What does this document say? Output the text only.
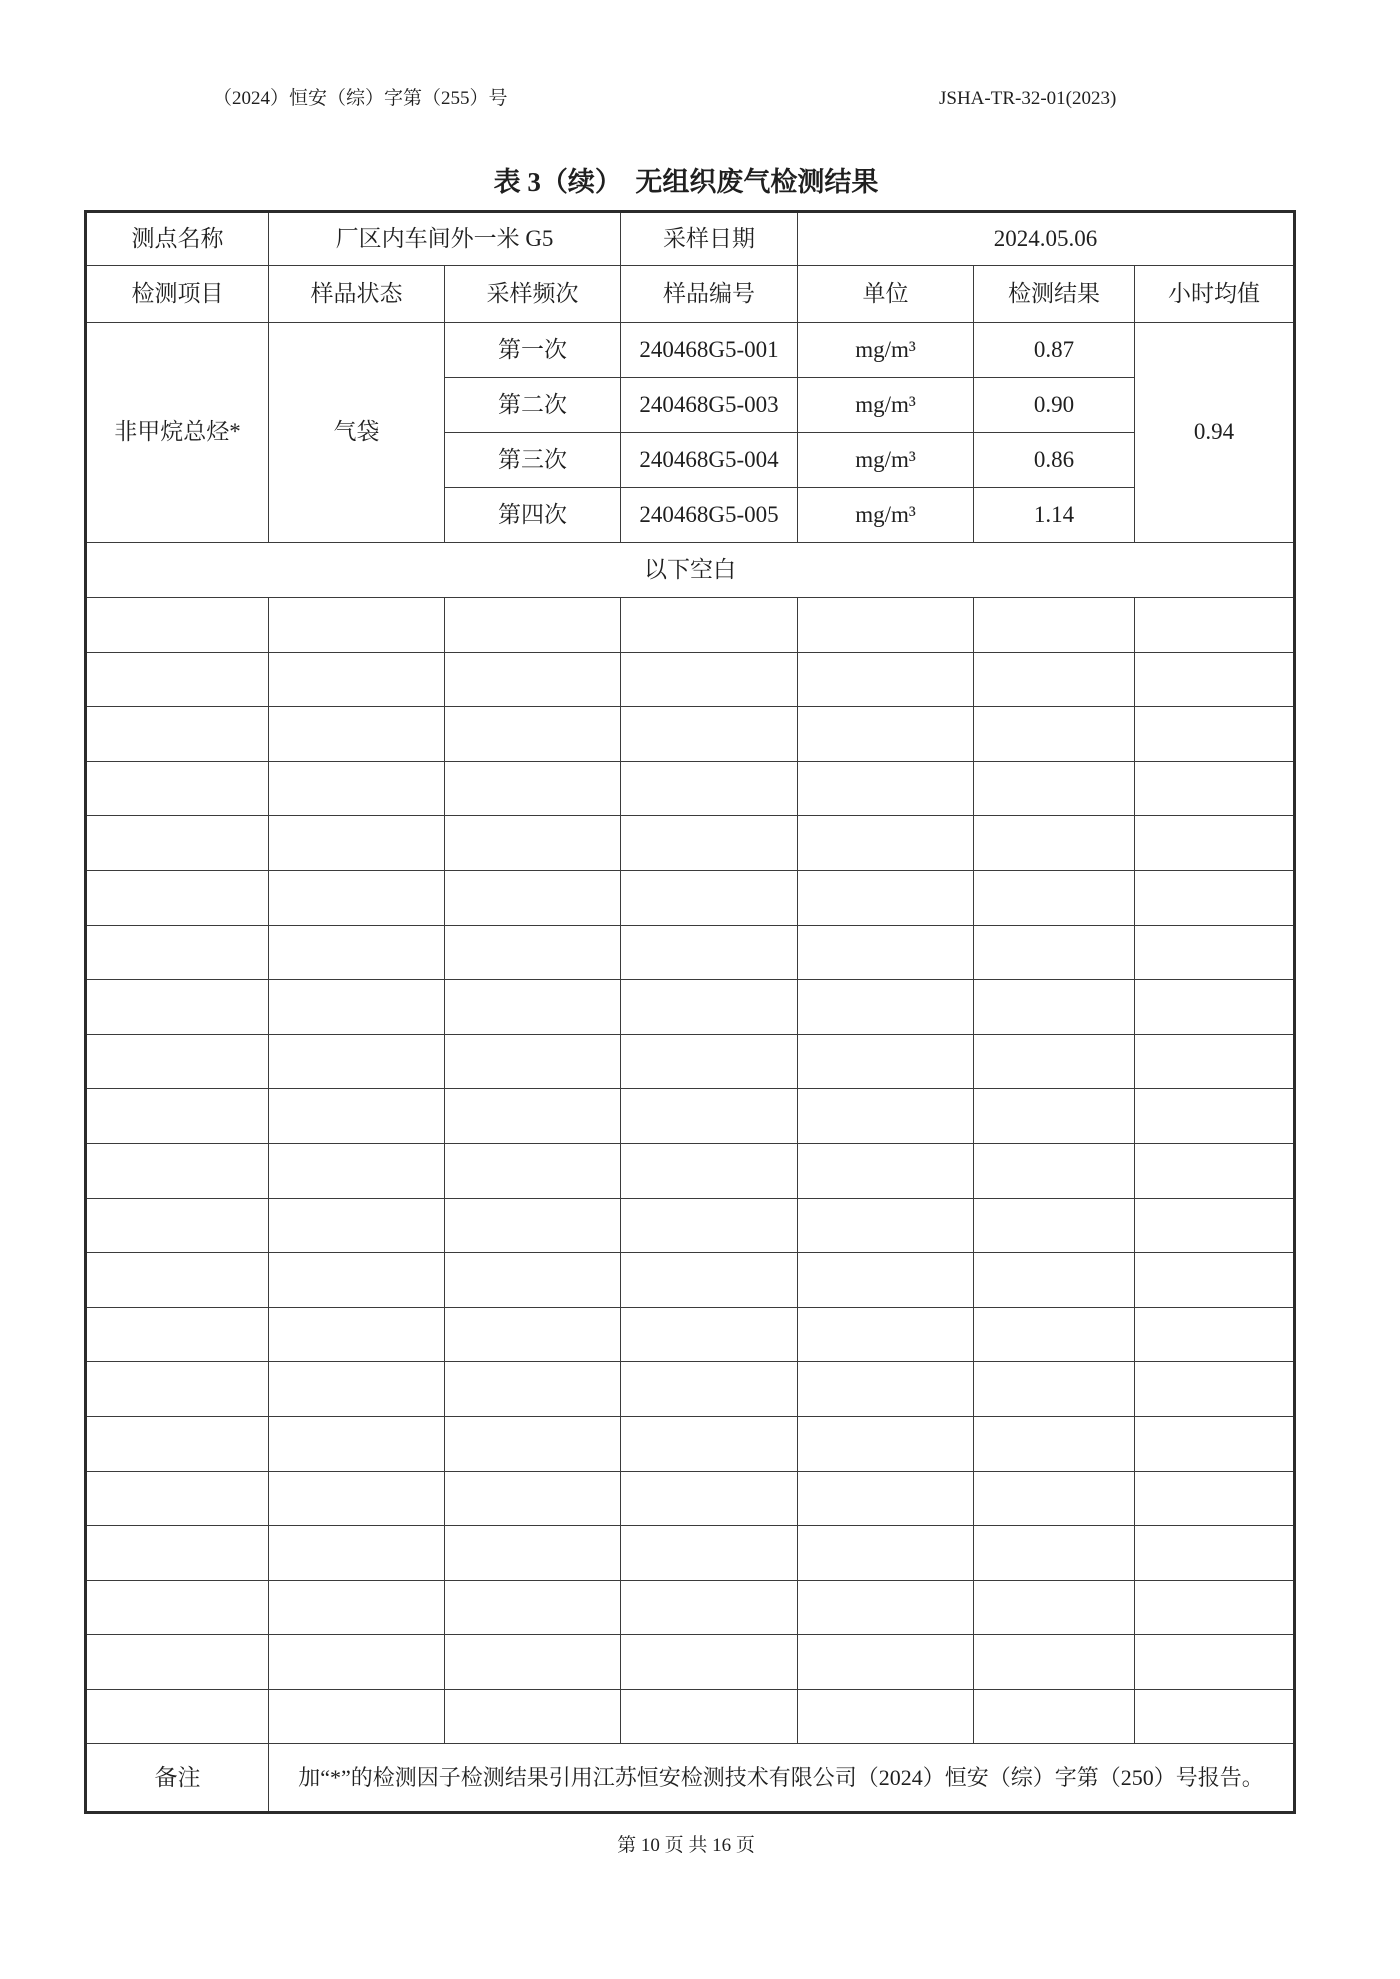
（2024）恒安（综）字第（255）号	JSHA-TR-32-01(2023)
表 3（续）  无组织废气检测结果
测点名称	厂区内车间外一米 G5		采样日期	2024.05.06		
检测项目	样品状态	采样频次	样品编号	单位	检测结果	小时均值
非甲烷总烃*	气袋	第一次	240468G5-001	mg/m³	0.87	0.94
		第二次	240468G5-003	mg/m³	0.90	
		第三次	240468G5-004	mg/m³	0.86	
		第四次	240468G5-005	mg/m³	1.14	
以下空白						

备注	加“*”的检测因子检测结果引用江苏恒安检测技术有限公司（2024）恒安（综）字第（250）号报告。					
第 10 页 共 16 页
